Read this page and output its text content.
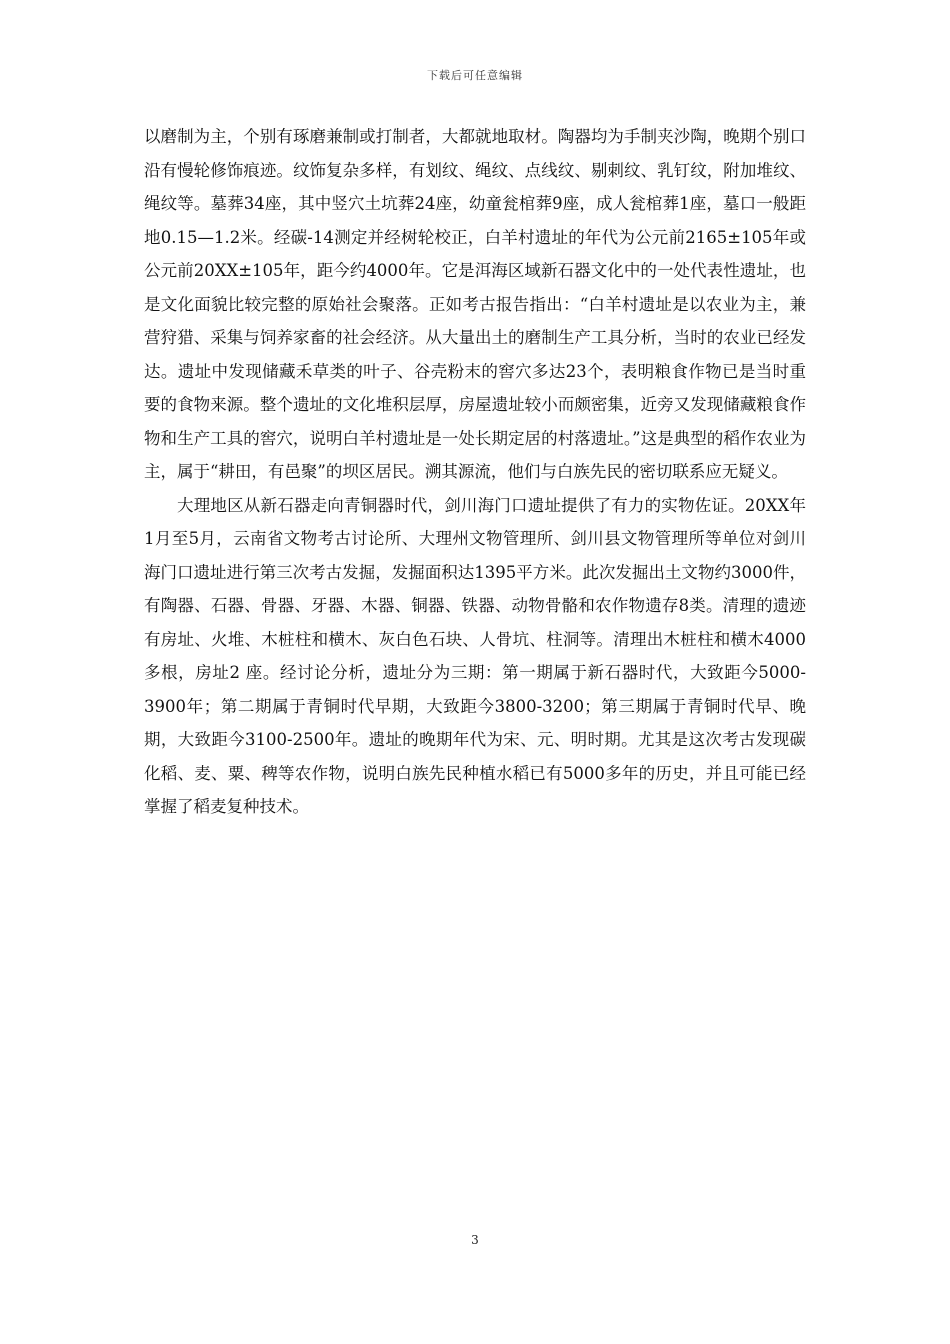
下载后可任意编辑

以磨制为主，个别有琢磨兼制或打制者，大都就地取材。陶器均为手制夹沙陶，晚期个别口沿有慢轮修饰痕迹。纹饰复杂多样，有划纹、绳纹、点线纹、剔刺纹、乳钉纹，附加堆纹、绳纹等。墓葬34座，其中竖穴土坑葬24座，幼童瓮棺葬9座，成人瓮棺葬1座，墓口一般距地0.15—1.2米。经碳-14测定并经树轮校正，白羊村遗址的年代为公元前2165±105年或公元前20XX±105年，距今约4000年。它是洱海区域新石器文化中的一处代表性遗址，也是文化面貌比较完整的原始社会聚落。正如考古报告指出：“白羊村遗址是以农业为主，兼营狩猎、采集与饲养家畜的社会经济。从大量出土的磨制生产工具分析，当时的农业已经发达。遗址中发现储藏禾草类的叶子、谷壳粉末的窖穴多达23个，表明粮食作物已是当时重要的食物来源。整个遗址的文化堆积层厚，房屋遗址较小而颇密集，近旁又发现储藏粮食作物和生产工具的窖穴，说明白羊村遗址是一处长期定居的村落遗址。”这是典型的稻作农业为主，属于“耕田，有邑聚”的坝区居民。溯其源流，他们与白族先民的密切联系应无疑义。

大理地区从新石器走向青铜器时代，剑川海门口遗址提供了有力的实物佐证。20XX年1月至5月，云南省文物考古讨论所、大理州文物管理所、剑川县文物管理所等单位对剑川海门口遗址进行第三次考古发掘，发掘面积达1395平方米。此次发掘出土文物约3000件，有陶器、石器、骨器、牙器、木器、铜器、铁器、动物骨骼和农作物遗存8类。清理的遗迹有房址、火堆、木桩柱和横木、灰白色石块、人骨坑、柱洞等。清理出木桩柱和横木4000多根，房址2 座。经讨论分析，遗址分为三期：第一期属于新石器时代，大致距今5000-3900年；第二期属于青铜时代早期，大致距今3800-3200；第三期属于青铜时代早、晚期，大致距今3100-2500年。遗址的晚期年代为宋、元、明时期。尤其是这次考古发现碳化稻、麦、粟、稗等农作物，说明白族先民种植水稻已有5000多年的历史，并且可能已经掌握了稻麦复种技术。

3
